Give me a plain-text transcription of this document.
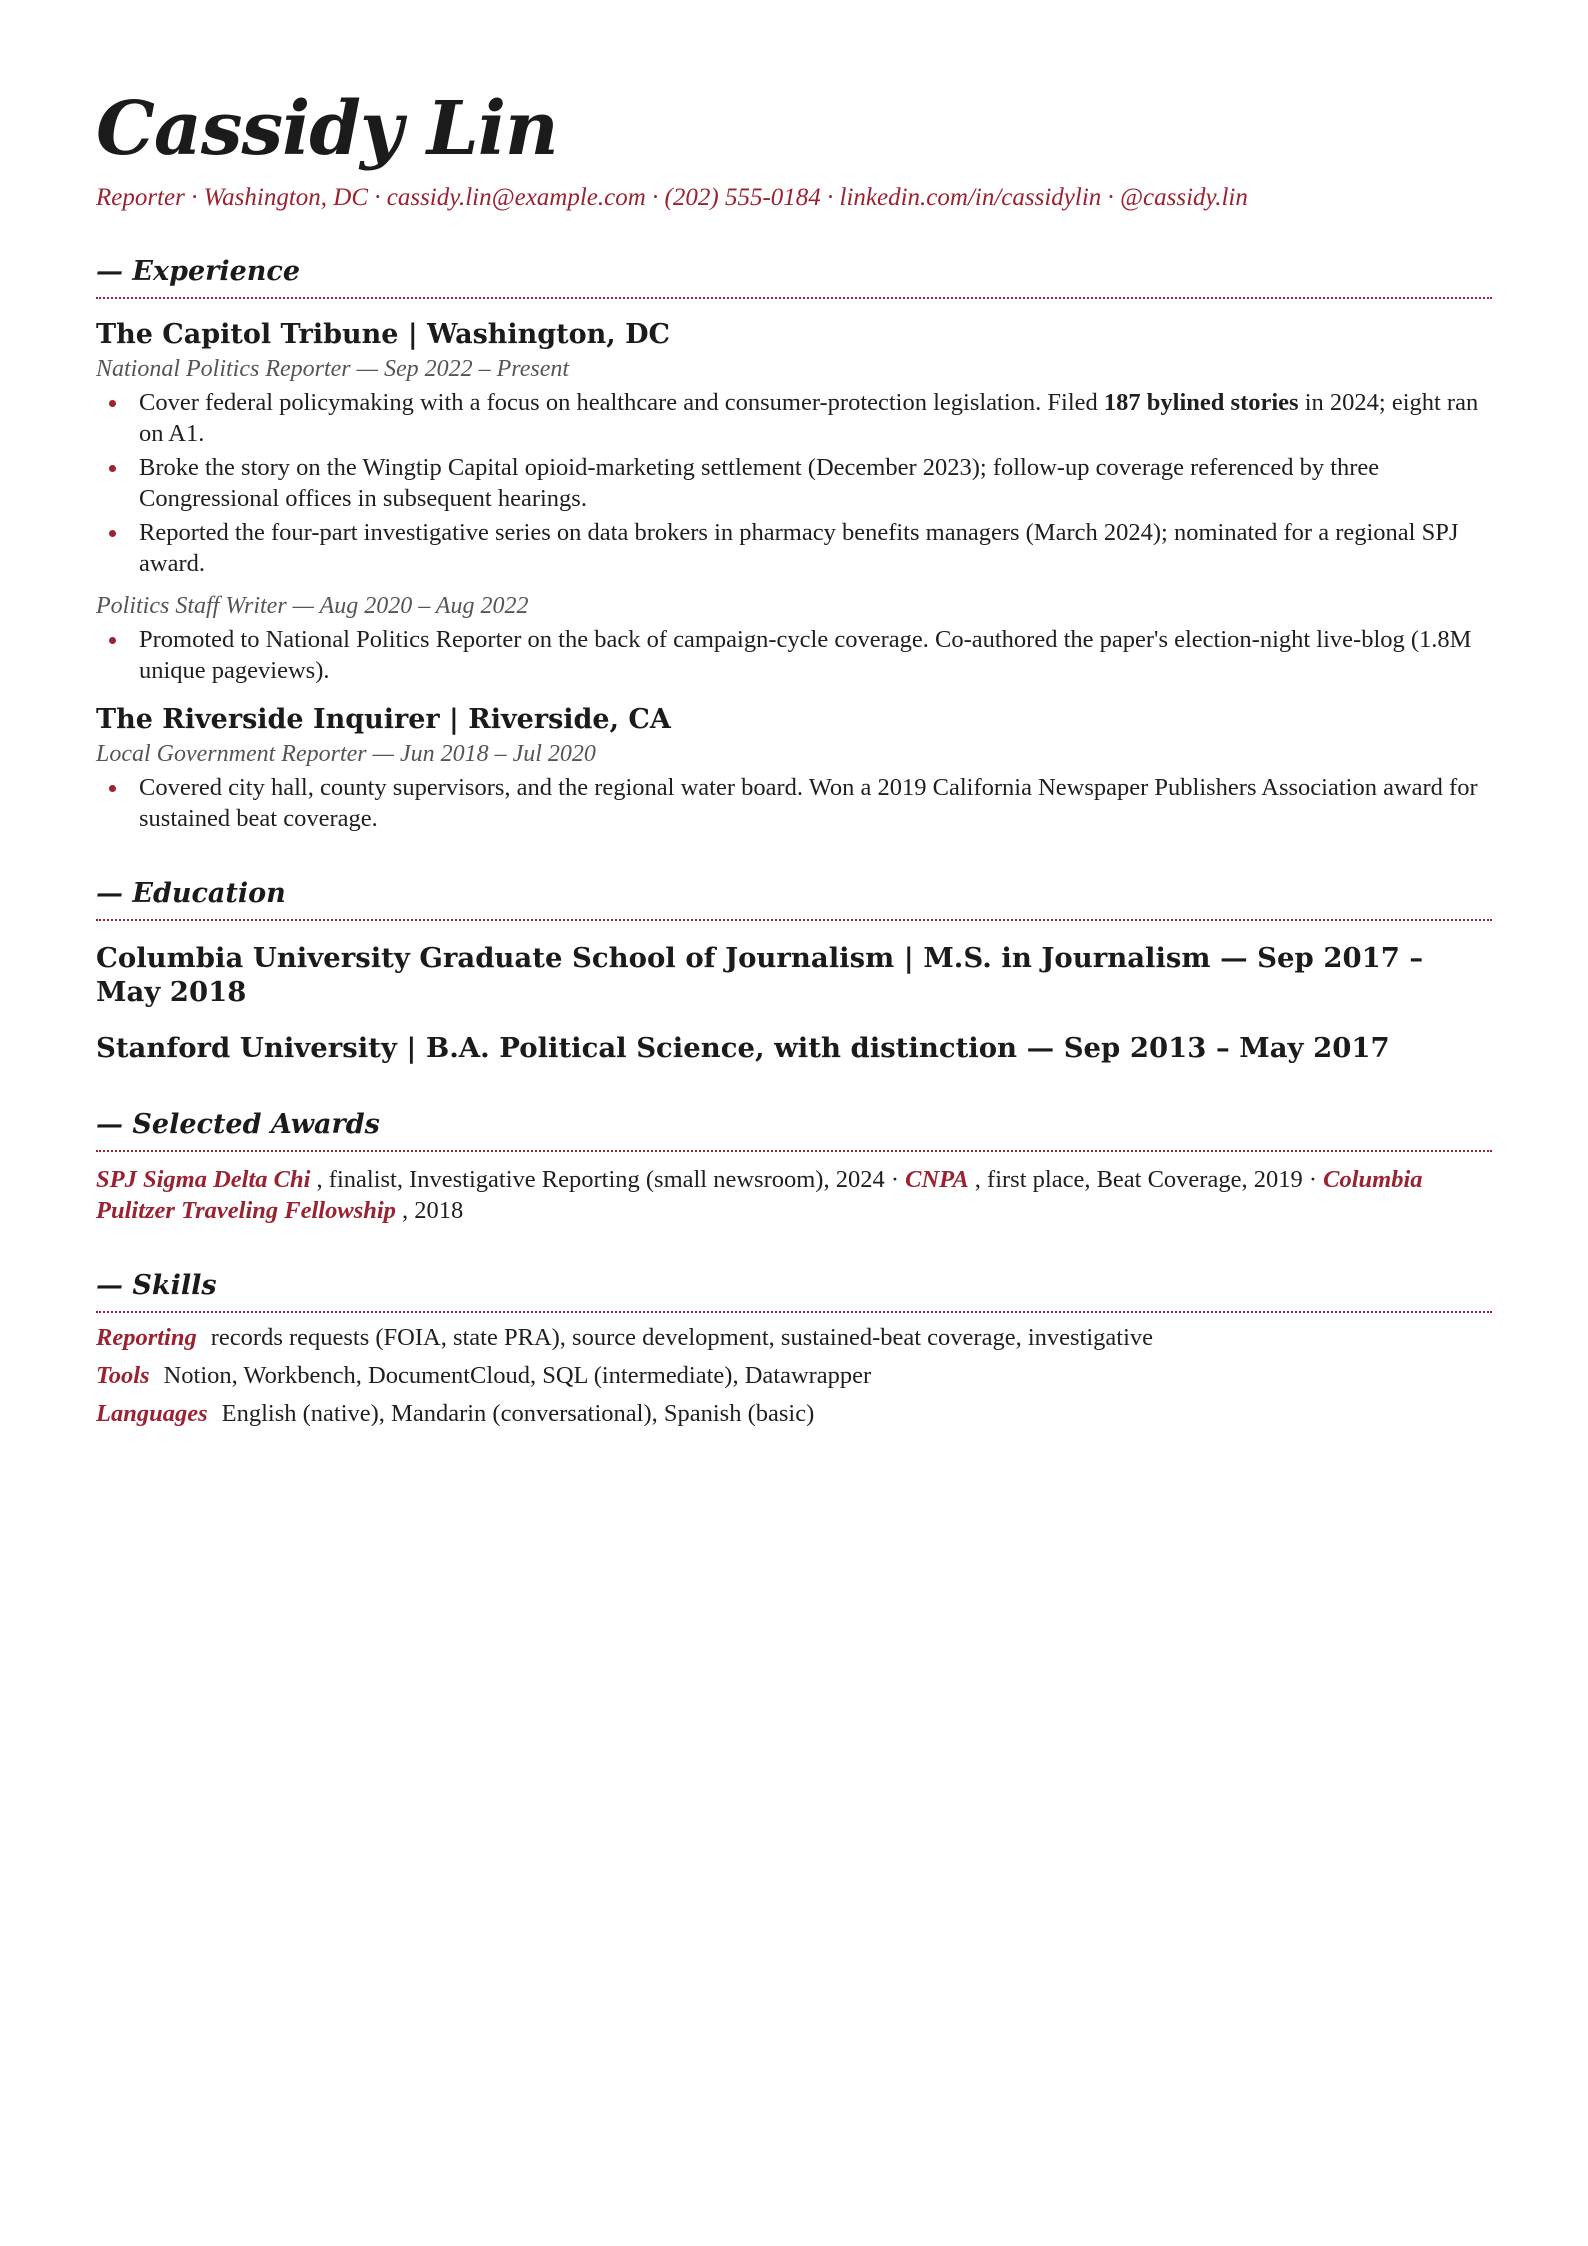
Cassidy Lin
Reporter · Washington, DC · cassidy.lin@example.com · (202) 555-0184 · linkedin.com/in/cassidylin · @cassidy.lin
— Experience
The Capitol Tribune | Washington, DC
National Politics Reporter — Sep 2022 – Present
Cover federal policymaking with a focus on healthcare and consumer-protection legislation. Filed 187 bylined stories in 2024; eight ran on A1.
Broke the story on the Wingtip Capital opioid-marketing settlement (December 2023); follow-up coverage referenced by three Congressional offices in subsequent hearings.
Reported the four-part investigative series on data brokers in pharmacy benefits managers (March 2024); nominated for a regional SPJ award.
Politics Staff Writer — Aug 2020 – Aug 2022
Promoted to National Politics Reporter on the back of campaign-cycle coverage. Co-authored the paper's election-night live-blog (1.8M unique pageviews).
The Riverside Inquirer | Riverside, CA
Local Government Reporter — Jun 2018 – Jul 2020
Covered city hall, county supervisors, and the regional water board. Won a 2019 California Newspaper Publishers Association award for sustained beat coverage.
— Education
Columbia University Graduate School of Journalism | M.S. in Journalism — Sep 2017 – May 2018
Stanford University | B.A. Political Science, with distinction — Sep 2013 – May 2017
— Selected Awards
SPJ Sigma Delta Chi , finalist, Investigative Reporting (small newsroom), 2024 · CNPA , first place, Beat Coverage, 2019 · Columbia Pulitzer Traveling Fellowship , 2018
— Skills
Reporting records requests (FOIA, state PRA), source development, sustained-beat coverage, investigative
Tools Notion, Workbench, DocumentCloud, SQL (intermediate), Datawrapper
Languages English (native), Mandarin (conversational), Spanish (basic)
